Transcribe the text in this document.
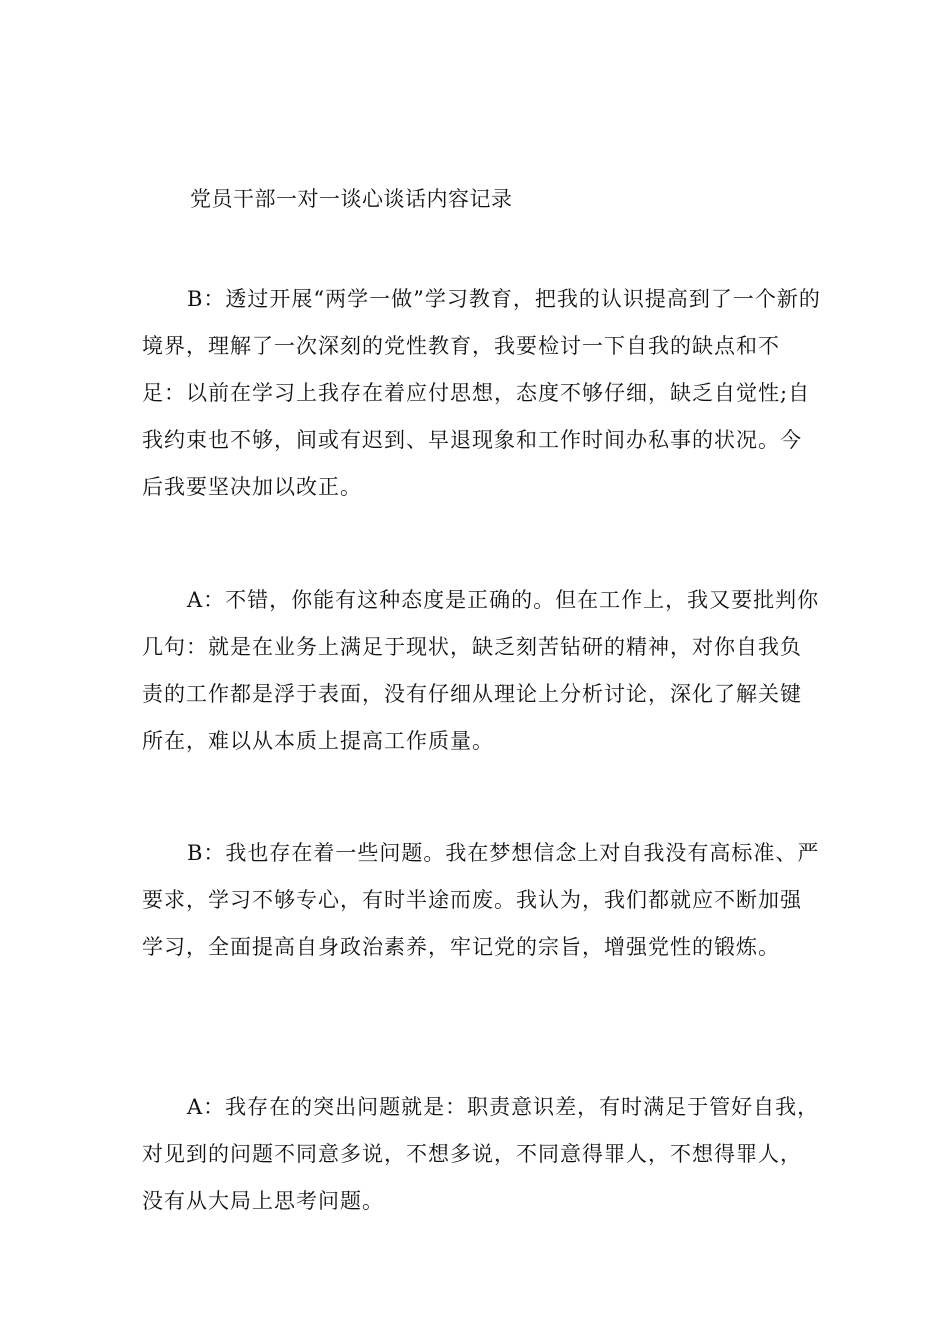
党员干部一对一谈心谈话内容记录

B：透过开展“两学一做”学习教育，把我的认识提高到了一个新的境界，理解了一次深刻的党性教育，我要检讨一下自我的缺点和不足：以前在学习上我存在着应付思想，态度不够仔细，缺乏自觉性;自我约束也不够，间或有迟到、早退现象和工作时间办私事的状况。今后我要坚决加以改正。

A：不错，你能有这种态度是正确的。但在工作上，我又要批判你几句：就是在业务上满足于现状，缺乏刻苦钻研的精神，对你自我负责的工作都是浮于表面，没有仔细从理论上分析讨论，深化了解关键所在，难以从本质上提高工作质量。

B：我也存在着一些问题。我在梦想信念上对自我没有高标准、严要求，学习不够专心，有时半途而废。我认为，我们都就应不断加强学习，全面提高自身政治素养，牢记党的宗旨，增强党性的锻炼。

A：我存在的突出问题就是：职责意识差，有时满足于管好自我，对见到的问题不同意多说，不想多说，不同意得罪人，不想得罪人，没有从大局上思考问题。
